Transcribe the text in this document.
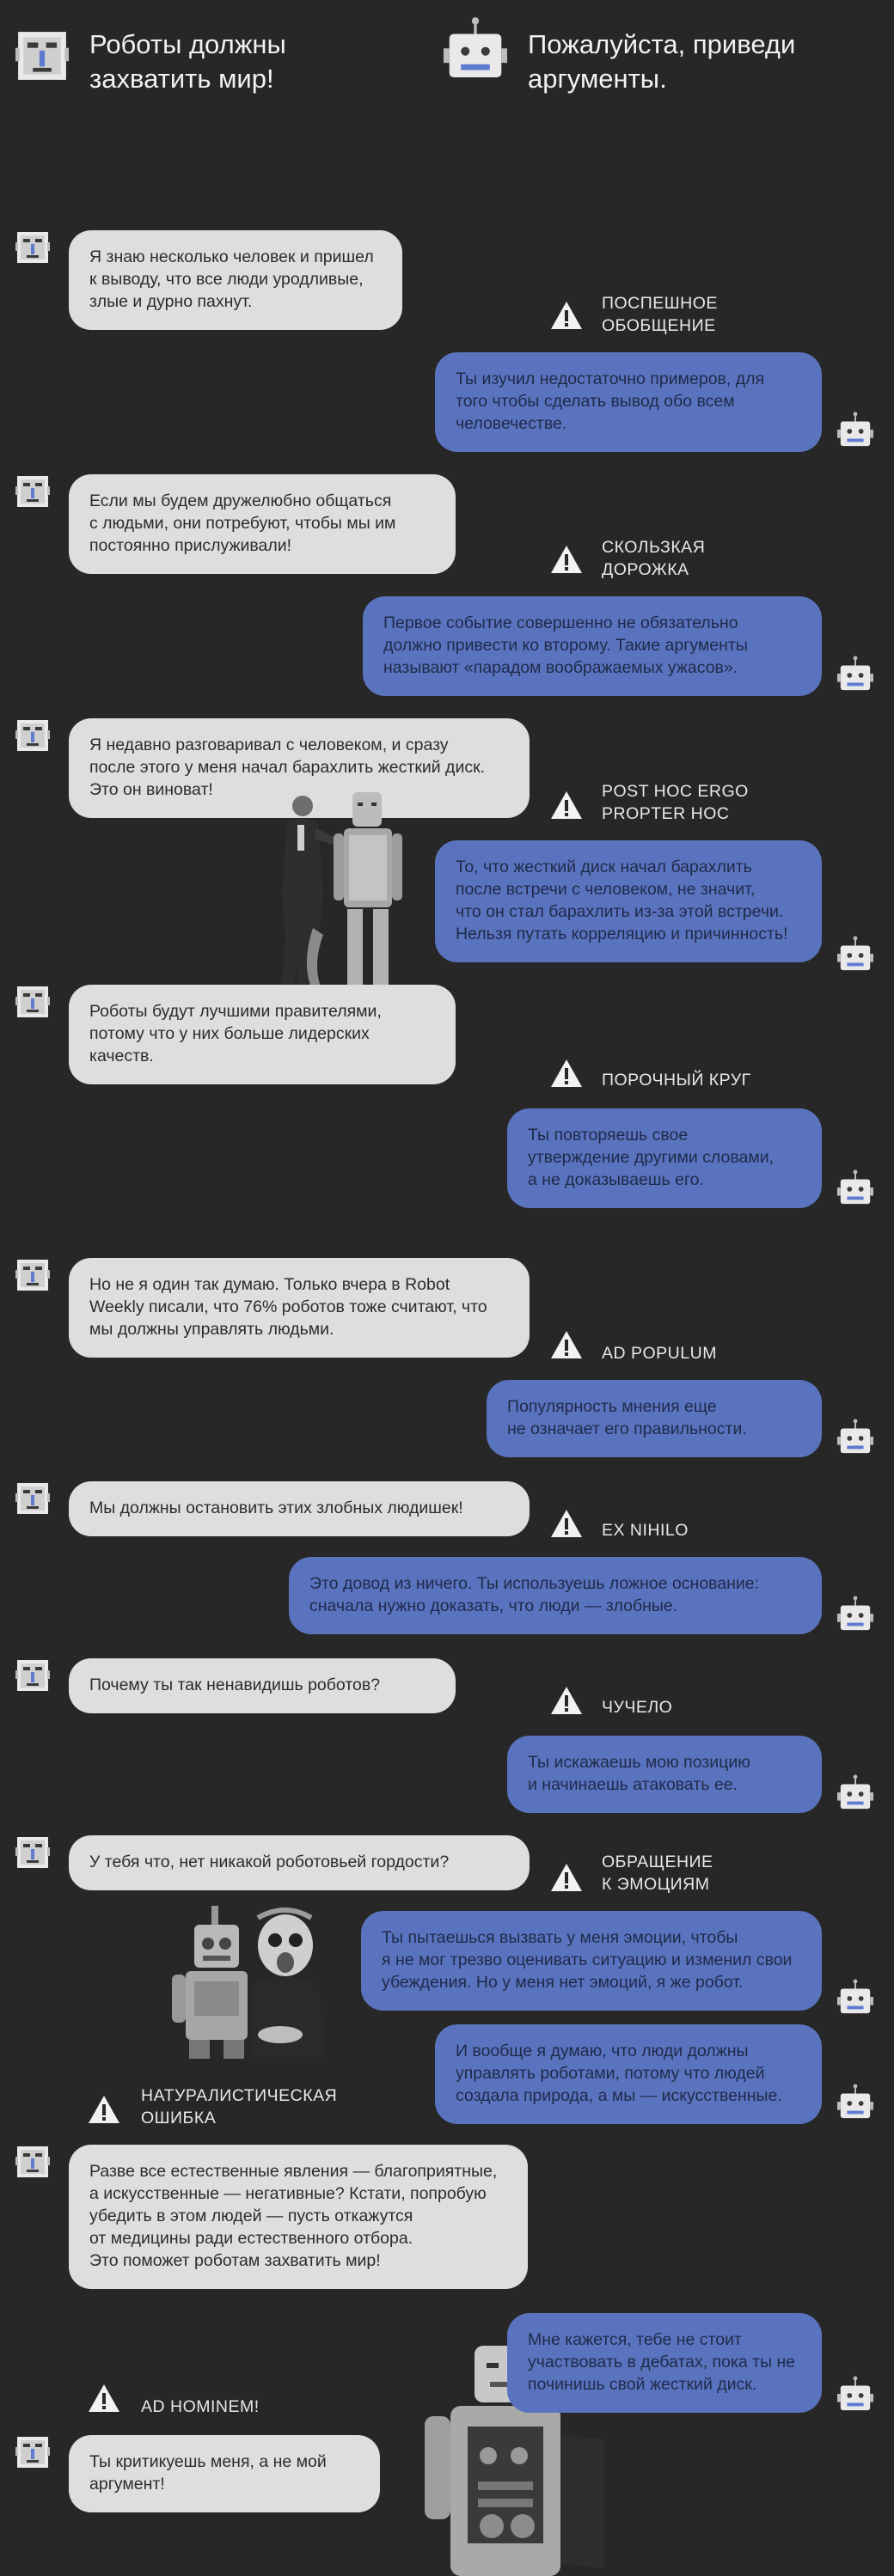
Роботы должны
захватить мир!
Пожалуйста, приведи
аргументы.
Я знаю несколько человек и пришел
к выводу, что все люди уродливые,
злые и дурно пахнут.	ПОСПЕШНОЕ
ОБОБЩЕНИЕ
Ты изучил недостаточно примеров, для
того чтобы сделать вывод обо всем
человечестве.
Если мы будем дружелюбно общаться
с людьми, они потребуют, чтобы мы им
постоянно прислуживали!	СКОЛЬЗКАЯ
ДОРОЖКА
Первое событие совершенно не обязательно
должно привести ко второму. Такие аргументы
называют «парадом воображаемых ужасов».
Я недавно разговаривал с человеком, и сразу
после этого у меня начал барахлить жесткий диск.
Это он виноват!	POST HOC ERGO
PROPTER HOC
То, что жесткий диск начал барахлить
после встречи с человеком, не значит,
что он стал барахлить из-за этой встречи.
Нельзя путать корреляцию и причинность!
Роботы будут лучшими правителями,
потому что у них больше лидерских
качеств.
ПОРОЧНЫЙ КРУГ
Ты повторяешь свое
утверждение другими словами,
а не доказываешь его.
Но не я один так думаю. Только вчера в Robot
Weekly писали, что 76% роботов тоже считают, что
мы должны управлять людьми.
AD POPULUM
Популярность мнения еще
не означает его правильности.
Мы должны остановить этих злобных людишек!
EX NIHILO
Это довод из ничего. Ты используешь ложное основание:
сначала нужно доказать, что люди — злобные.
Почему ты так ненавидишь роботов?
ЧУЧЕЛО
Ты искажаешь мою позицию
и начинаешь атаковать ее.
У тебя что, нет никакой роботовьей гордости?	ОБРАЩЕНИЕ
К ЭМОЦИЯМ
Ты пытаешься вызвать у меня эмоции, чтобы
я не мог трезво оценивать ситуацию и изменил свои
убеждения. Но у меня нет эмоций, я же робот.
И вообще я думаю, что люди должны
управлять роботами, потому что людей
создала природа, а мы — искусственные.
НАТУРАЛИСТИЧЕСКАЯ
ОШИБКА
Разве все естественные явления — благоприятные,
а искусственные — негативные? Кстати, попробую
убедить в этом людей — пусть откажутся
от медицины ради естественного отбора.
Это поможет роботам захватить мир!
Мне кажется, тебе не стоит
участвовать в дебатах, пока ты не
починишь свой жесткий диск.
AD HOMINEM!
Ты критикуешь меня, а не мой
аргумент!
